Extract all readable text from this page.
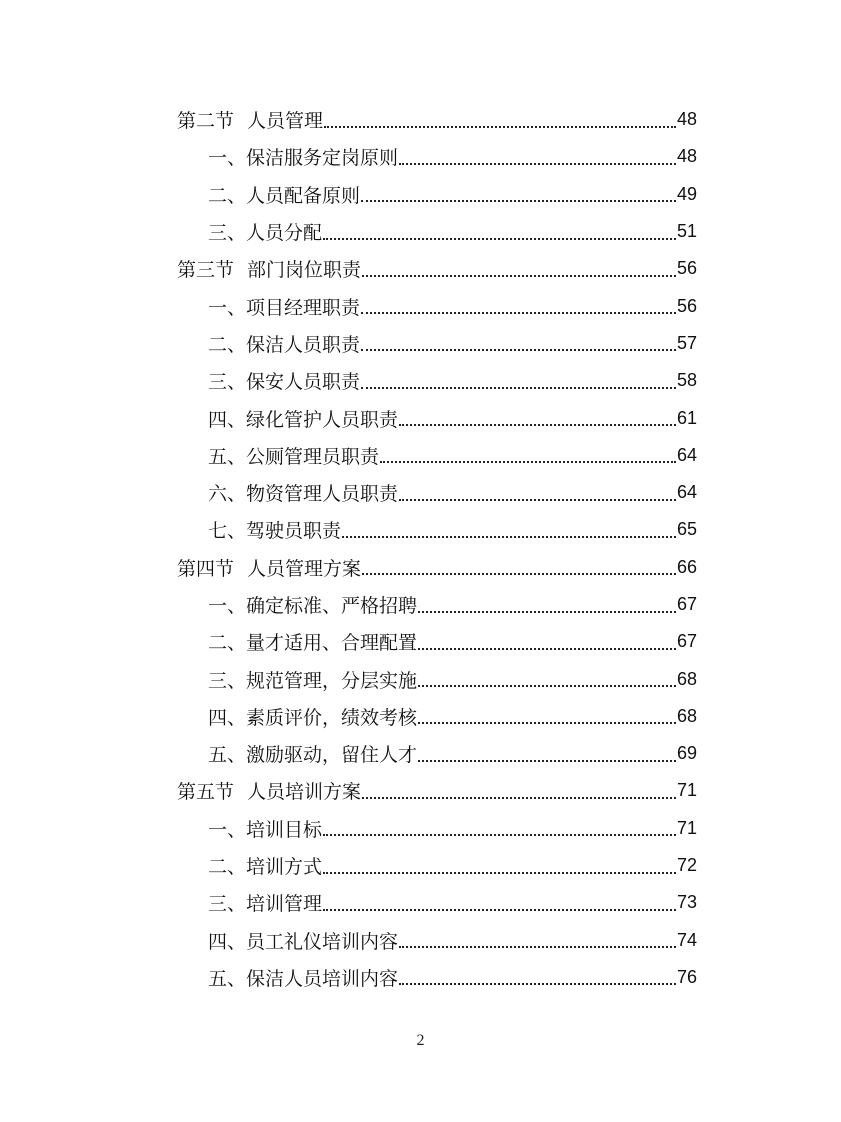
第二节 人员管理	48
一、保洁服务定岗原则	48
二、人员配备原则	49
三、人员分配	51
第三节 部门岗位职责	56
一、项目经理职责	56
二、保洁人员职责	57
三、保安人员职责	58
四、绿化管护人员职责	61
五、公厕管理员职责	64
六、物资管理人员职责	64
七、驾驶员职责	65
第四节 人员管理方案	66
一、确定标准、严格招聘	67
二、量才适用、合理配置	67
三、规范管理，分层实施	68
四、素质评价，绩效考核	68
五、激励驱动，留住人才	69
第五节 人员培训方案	71
一、培训目标	71
二、培训方式	72
三、培训管理	73
四、员工礼仪培训内容	74
五、保洁人员培训内容	76
2
